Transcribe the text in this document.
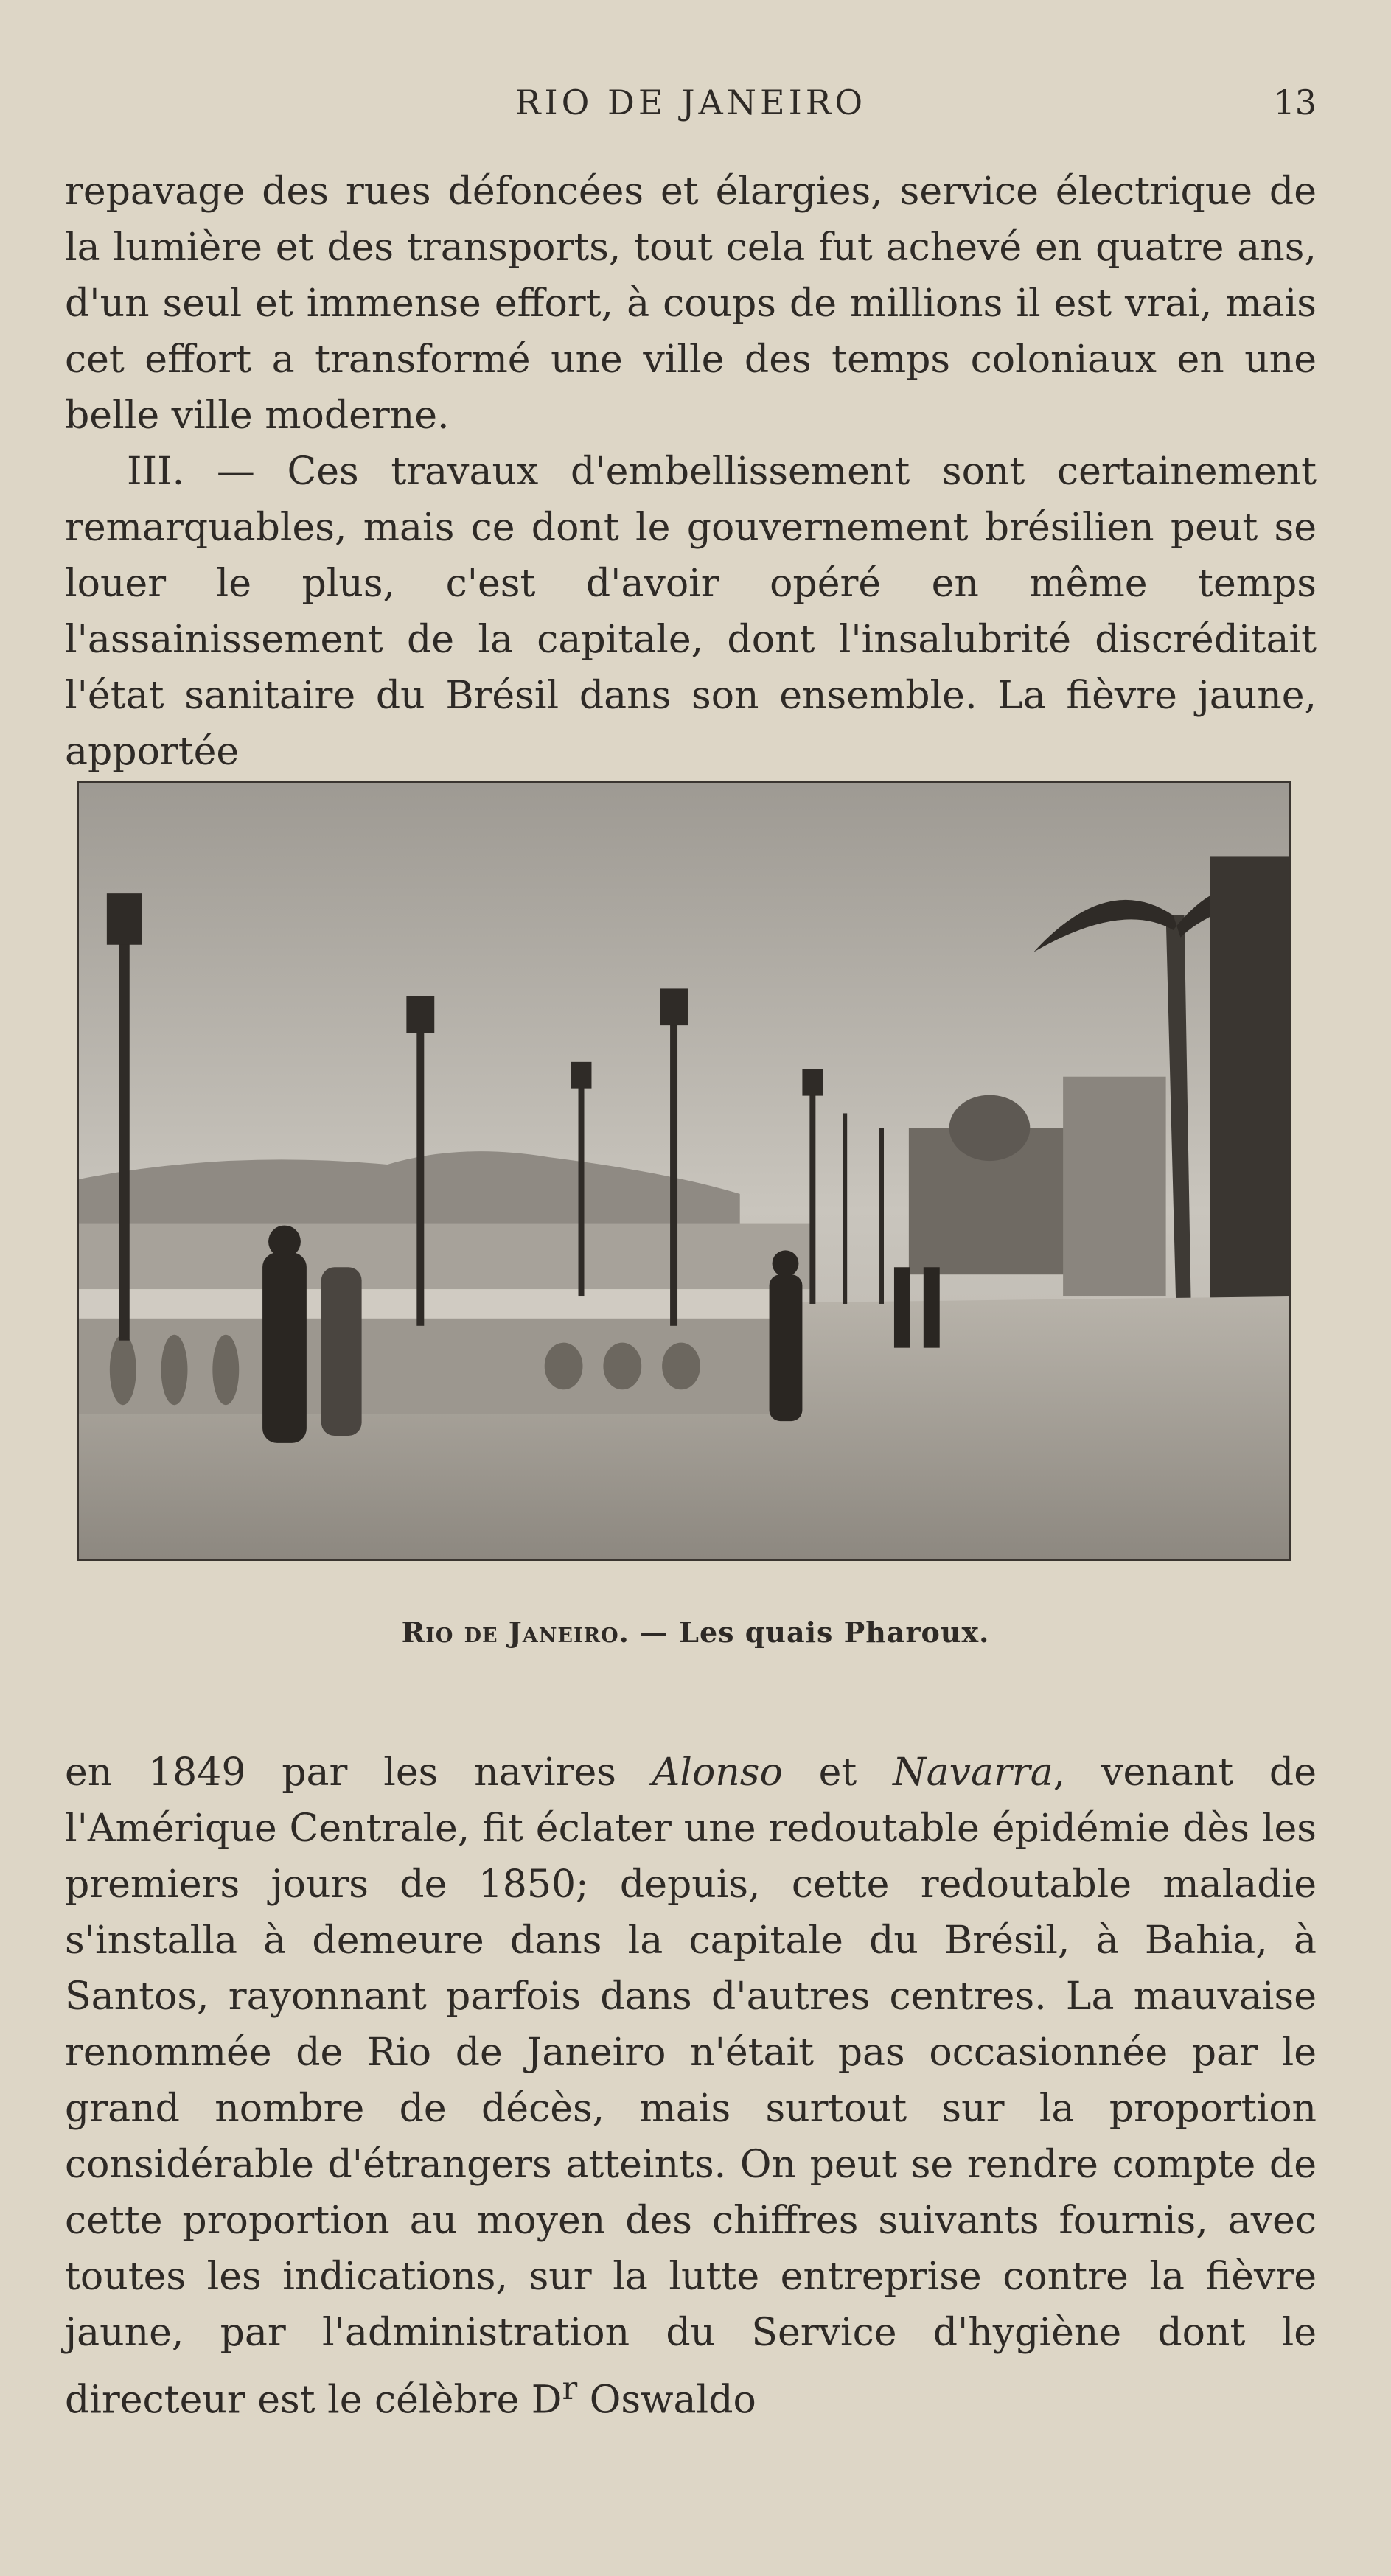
RIO DE JANEIRO	13

repavage des rues défoncées et élargies, service électrique de la lumière et des transports, tout cela fut achevé en quatre ans, d'un seul et immense effort, à coups de millions il est vrai, mais cet effort a transformé une ville des temps coloniaux en une belle ville moderne.

III. — Ces travaux d'embellissement sont certainement remarquables, mais ce dont le gouvernement brésilien peut se louer le plus, c'est d'avoir opéré en même temps l'assainissement de la capitale, dont l'insalubrité discréditait l'état sanitaire du Brésil dans son ensemble. La fièvre jaune, apportée

Rio de Janeiro. — Les quais Pharoux.

en 1849 par les navires Alonso et Navarra, venant de l'Amérique Centrale, fit éclater une redoutable épidémie dès les premiers jours de 1850; depuis, cette redoutable maladie s'installa à demeure dans la capitale du Brésil, à Bahia, à Santos, rayonnant parfois dans d'autres centres. La mauvaise renommée de Rio de Janeiro n'était pas occasionnée par le grand nombre de décès, mais surtout sur la proportion considérable d'étrangers atteints. On peut se rendre compte de cette proportion au moyen des chiffres suivants fournis, avec toutes les indications, sur la lutte entreprise contre la fièvre jaune, par l'administration du Service d'hygiène dont le directeur est le célèbre $D^r$ Oswaldo
